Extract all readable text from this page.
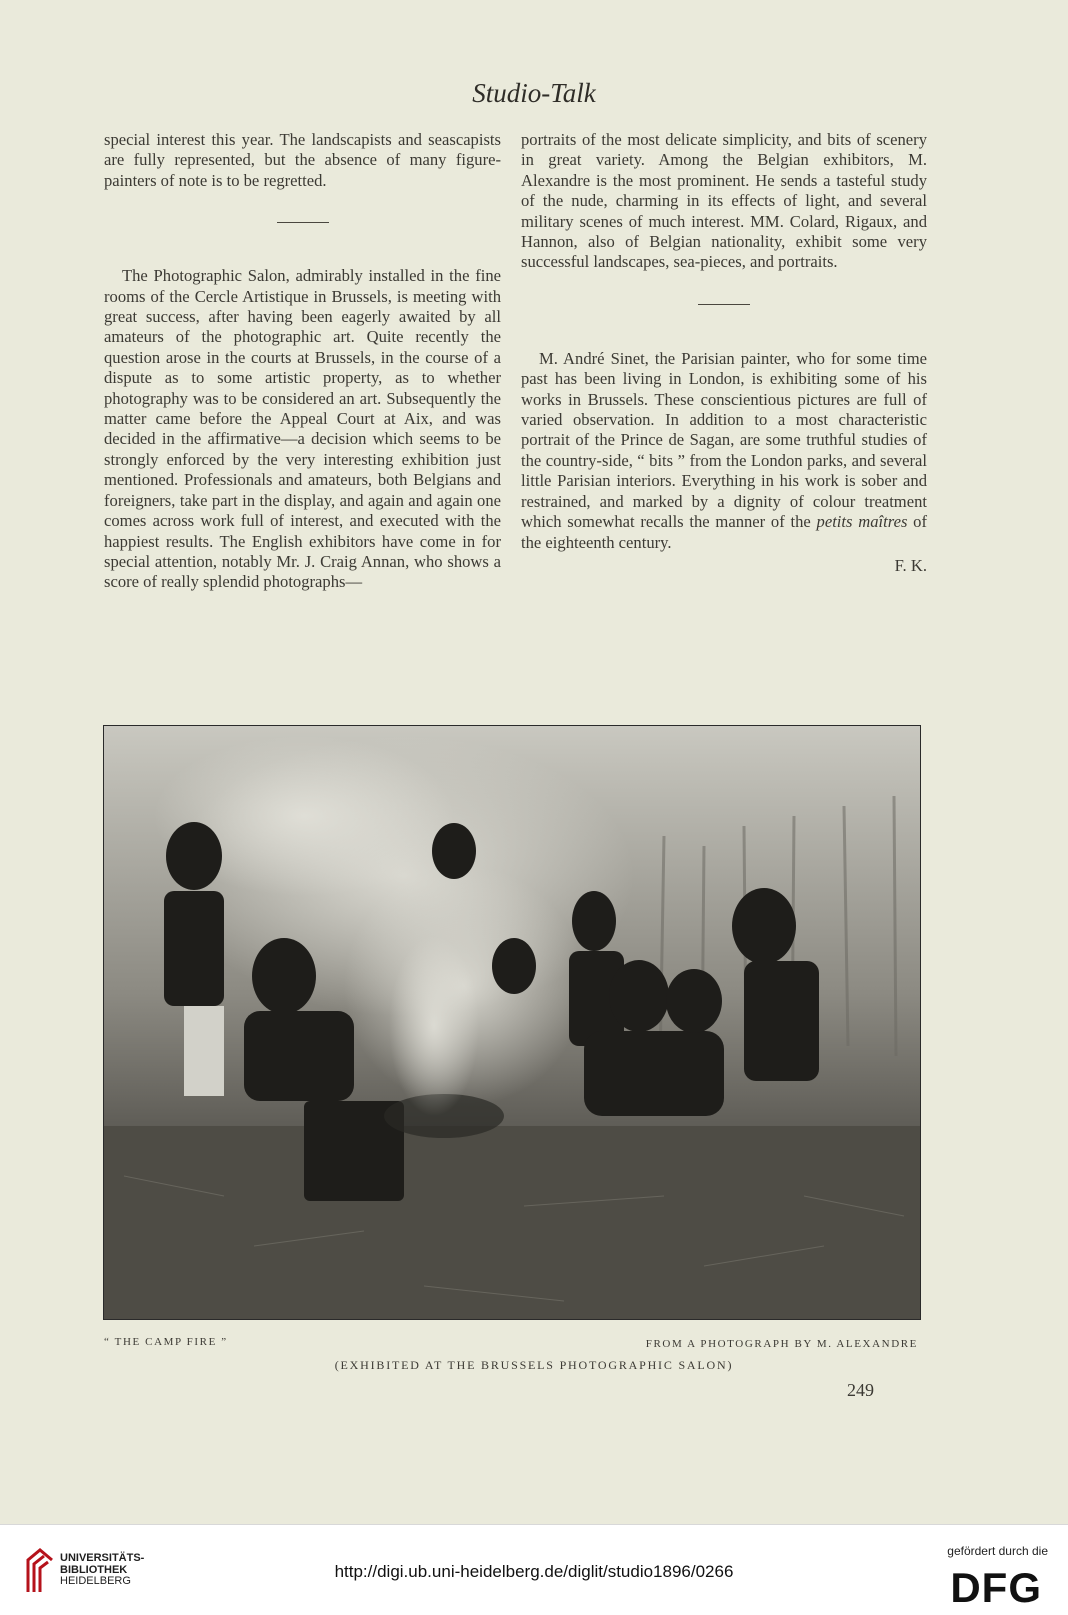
Studio-Talk

special interest this year. The landscapists and seascapists are fully represented, but the absence of many figure-painters of note is to be regretted.

The Photographic Salon, admirably installed in the fine rooms of the Cercle Artistique in Brussels, is meeting with great success, after having been eagerly awaited by all amateurs of the photographic art. Quite recently the question arose in the courts at Brussels, in the course of a dispute as to some artistic property, as to whether photography was to be considered an art. Subsequently the matter came before the Appeal Court at Aix, and was decided in the affirmative—a decision which seems to be strongly enforced by the very interesting exhibition just mentioned. Professionals and amateurs, both Belgians and foreigners, take part in the display, and again and again one comes across work full of interest, and executed with the happiest results. The English exhibitors have come in for special attention, notably Mr. J. Craig Annan, who shows a score of really splendid photographs—

portraits of the most delicate simplicity, and bits of scenery in great variety. Among the Belgian exhibitors, M. Alexandre is the most prominent. He sends a tasteful study of the nude, charming in its effects of light, and several military scenes of much interest. MM. Colard, Rigaux, and Hannon, also of Belgian nationality, exhibit some very successful landscapes, sea-pieces, and portraits.

M. André Sinet, the Parisian painter, who for some time past has been living in London, is exhibiting some of his works in Brussels. These conscientious pictures are full of varied observation. In addition to a most characteristic portrait of the Prince de Sagan, are some truthful studies of the country-side, “ bits ” from the London parks, and several little Parisian interiors. Everything in his work is sober and restrained, and marked by a dignity of colour treatment which somewhat recalls the manner of the petits maîtres of the eighteenth century.

F. K.

“ THE CAMP FIRE ”	FROM A PHOTOGRAPH BY M. ALEXANDRE
(EXHIBITED AT THE BRUSSELS PHOTOGRAPHIC SALON)
249
UNIVERSITÄTS-
BIBLIOTHEK
HEIDELBERG	http://digi.ub.uni-heidelberg.de/diglit/studio1896/0266
gefördert durch die
DFG
